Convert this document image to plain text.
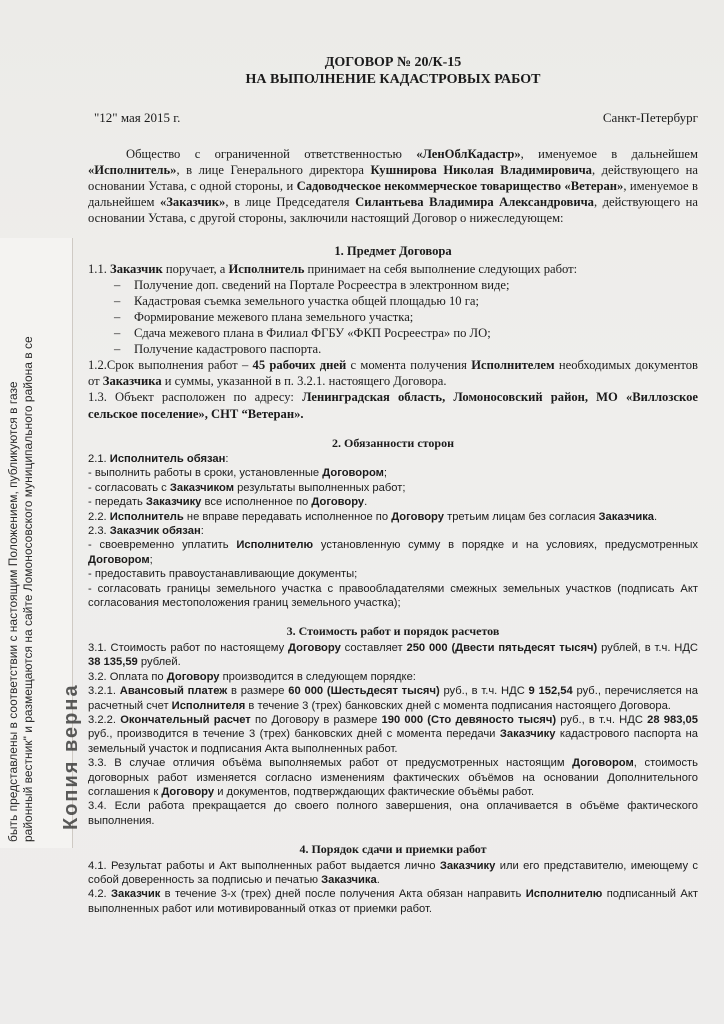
быть представлены в соответствии с настоящим Положением, публикуются в газе районный вестник" и размещаются на сайте Ломоносовского муниципального района в се Копия верна
ДОГОВОР № 20/К-15
НА ВЫПОЛНЕНИЕ КАДАСТРОВЫХ РАБОТ
"12" мая 2015 г.	Санкт-Петербург

Общество с ограниченной ответственностью «ЛенОблКадастр», именуемое в дальнейшем «Исполнитель», в лице Генерального директора Кушнирова Николая Владимировича, действующего на основании Устава, с одной стороны, и Садоводческое некоммерческое товарищество «Ветеран», именуемое в дальнейшем «Заказчик», в лице Председателя Силантьева Владимира Александровича, действующего на основании Устава, с другой стороны, заключили настоящий Договор о нижеследующем:

1. Предмет Договора

1.1. Заказчик поручает, а Исполнитель принимает на себя выполнение следующих работ:

– Получение доп. сведений на Портале Росреестра в электронном виде;
– Кадастровая съемка земельного участка общей площадью 10 га;
– Формирование межевого плана земельного участка;
– Сдача межевого плана в Филиал ФГБУ «ФКП Росреестра» по ЛО;
– Получение кадастрового паспорта.

1.2.Срок выполнения работ – 45 рабочих дней с момента получения Исполнителем необходимых документов от Заказчика и суммы, указанной в п. 3.2.1. настоящего Договора.

1.3. Объект расположен по адресу: Ленинградская область, Ломоносовский район, МО «Виллозское сельское поселение», СНТ “Ветеран».

2. Обязанности сторон

2.1. Исполнитель обязан:

- выполнить работы в сроки, установленные Договором;

- согласовать с Заказчиком результаты выполненных работ;

- передать Заказчику все исполненное по Договору.

2.2. Исполнитель не вправе передавать исполненное по Договору третьим лицам без согласия Заказчика.

2.3. Заказчик обязан:

- своевременно уплатить Исполнителю установленную сумму в порядке и на условиях, предусмотренных Договором;

- предоставить правоустанавливающие документы;

- согласовать границы земельного участка с правообладателями смежных земельных участков (подписать Акт согласования местоположения границ земельного участка);

3. Стоимость работ и порядок расчетов

3.1. Стоимость работ по настоящему Договору составляет 250 000 (Двести пятьдесят тысяч) рублей, в т.ч. НДС 38 135,59 рублей.

3.2. Оплата по Договору производится в следующем порядке:

3.2.1. Авансовый платеж в размере 60 000 (Шестьдесят тысяч) руб., в т.ч. НДС 9 152,54 руб., перечисляется на расчетный счет Исполнителя в течение 3 (трех) банковских дней с момента подписания настоящего Договора.

3.2.2. Окончательный расчет по Договору в размере 190 000 (Сто девяносто тысяч) руб., в т.ч. НДС 28 983,05 руб., производится в течение 3 (трех) банковских дней с момента передачи Заказчику кадастрового паспорта на земельный участок и подписания Акта выполненных работ.

3.3. В случае отличия объёма выполняемых работ от предусмотренных настоящим Договором, стоимость договорных работ изменяется согласно изменениям фактических объёмов на основании Дополнительного соглашения к Договору и документов, подтверждающих фактические объёмы работ.

3.4. Если работа прекращается до своего полного завершения, она оплачивается в объёме фактического выполнения.

4. Порядок сдачи и приемки работ

4.1. Результат работы и Акт выполненных работ выдается лично Заказчику или его представителю, имеющему с собой доверенность за подписью и печатью Заказчика.

4.2. Заказчик в течение 3-х (трех) дней после получения Акта обязан направить Исполнителю подписанный Акт выполненных работ или мотивированный отказ от приемки работ.
